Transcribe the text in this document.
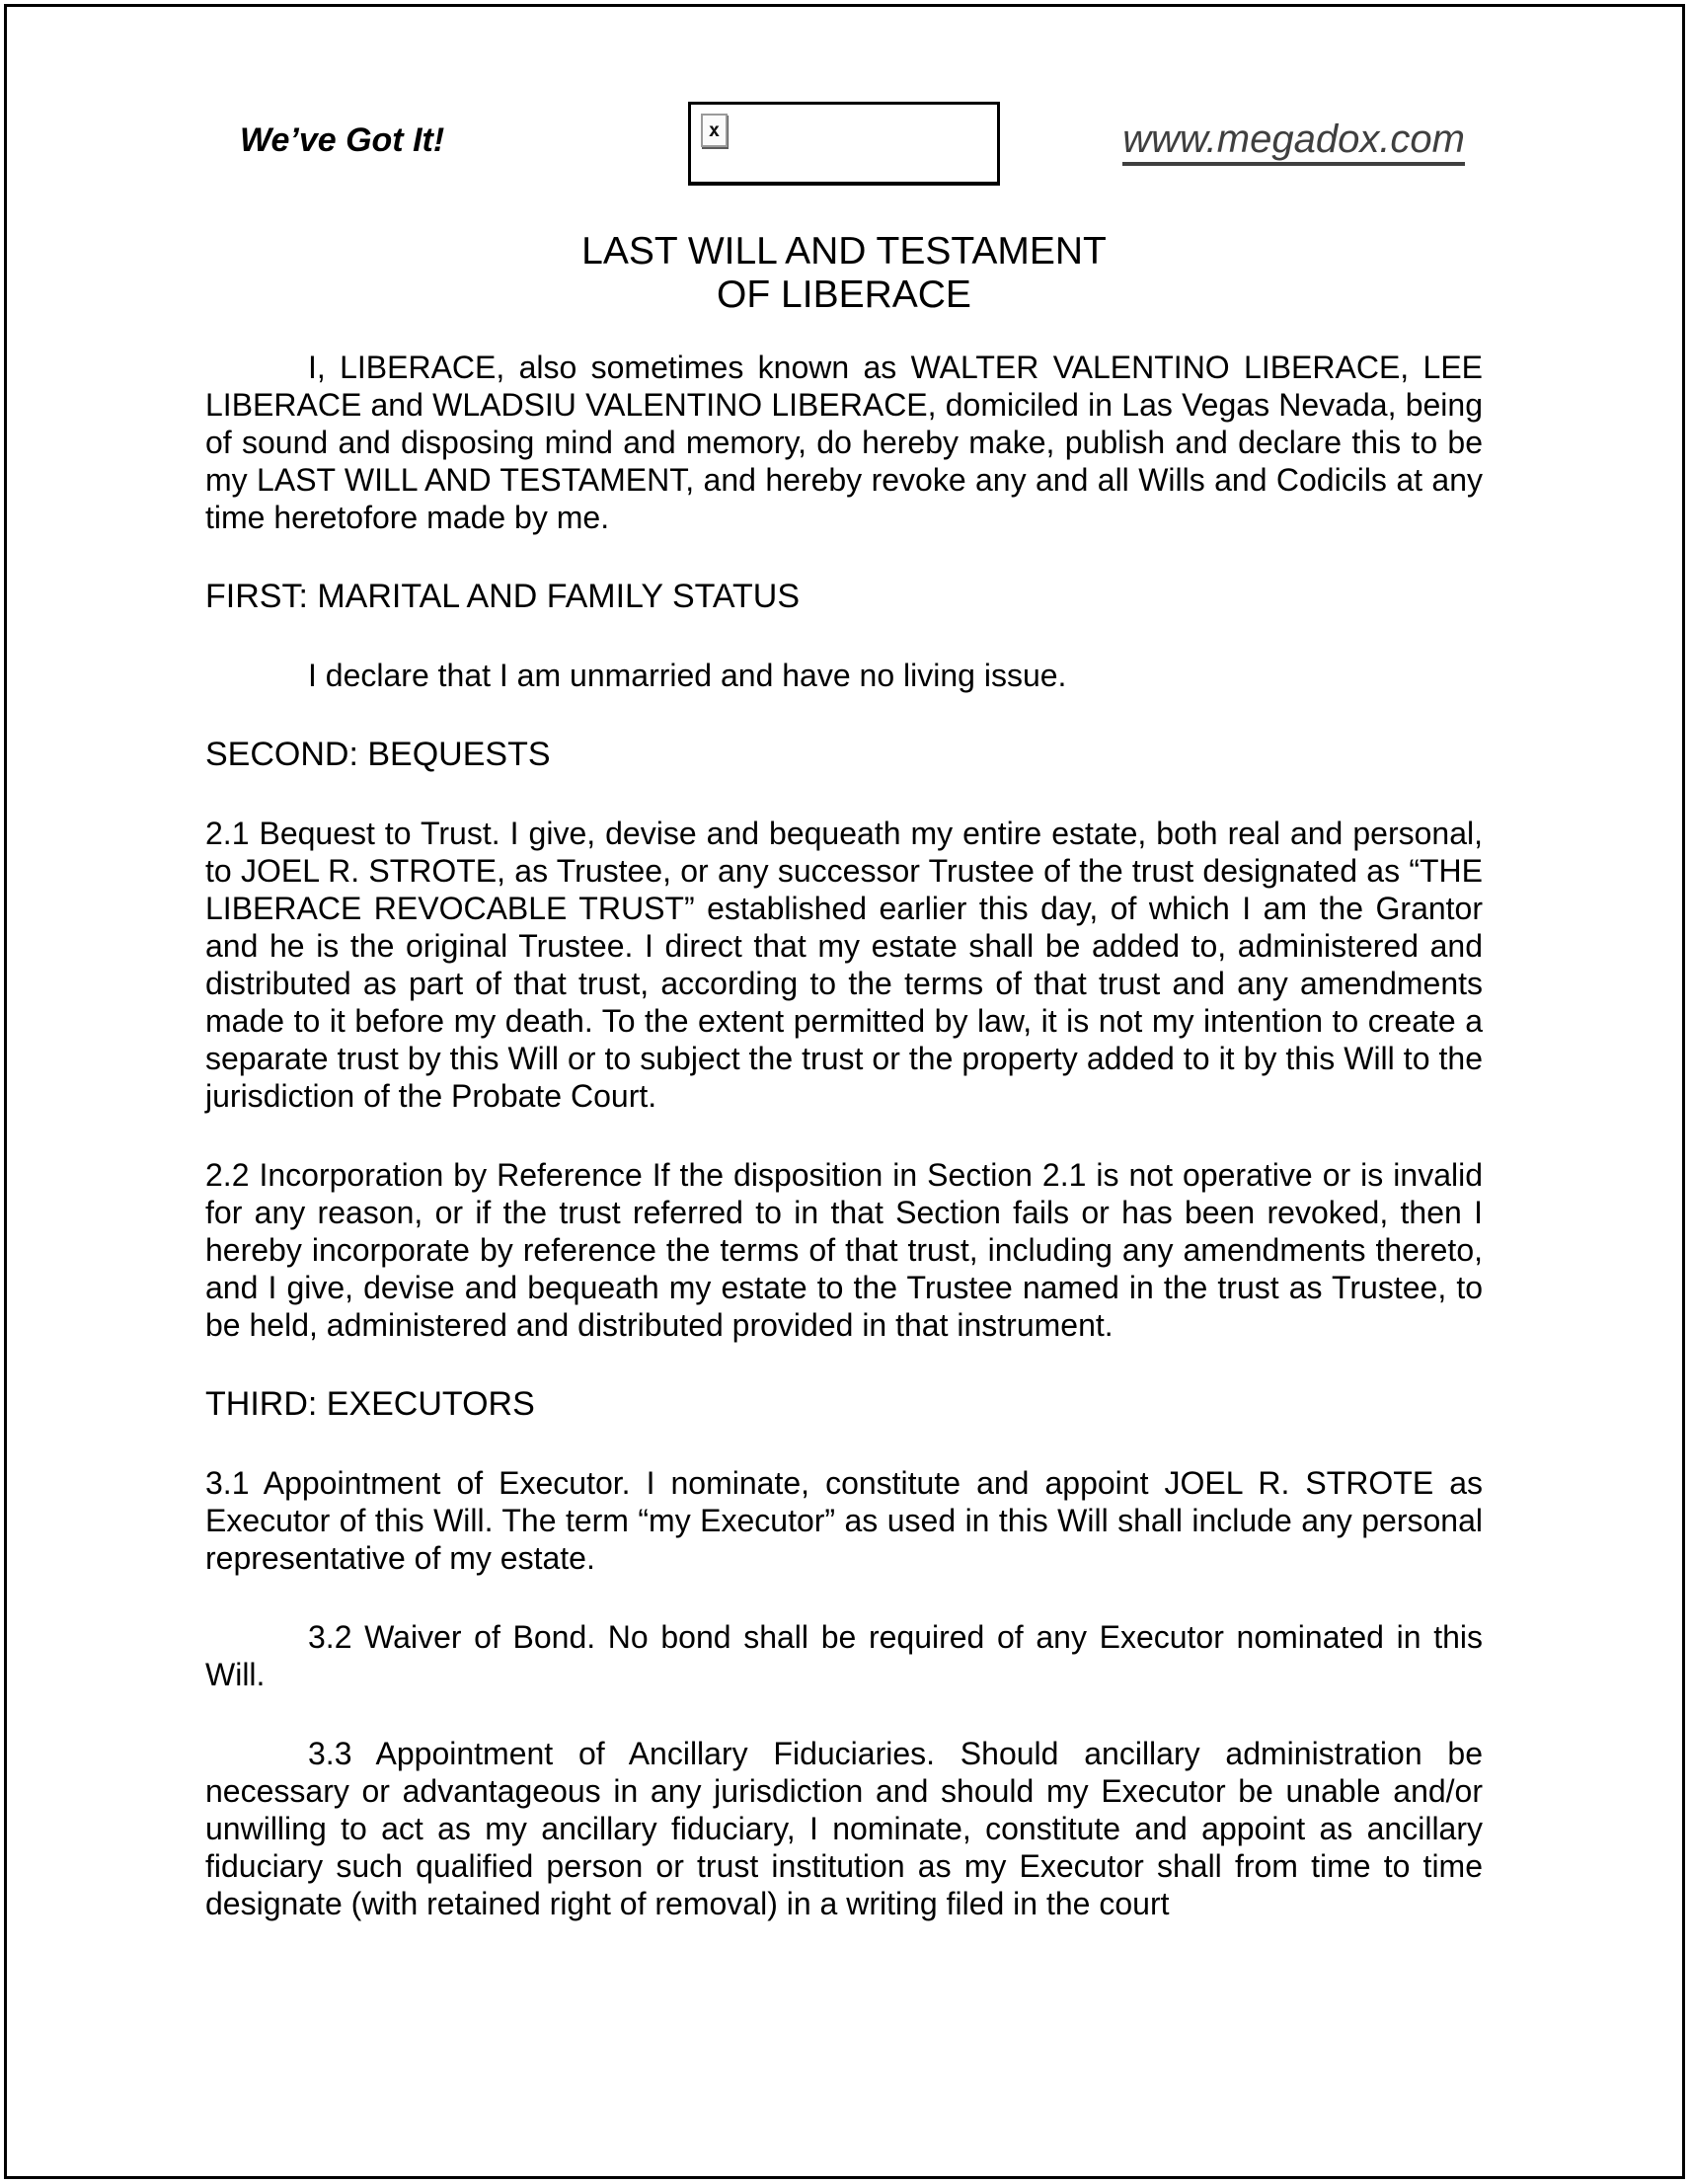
We’ve Got It!	x	www.megadox.com
LAST WILL AND TESTAMENT
OF LIBERACE

I, LIBERACE, also sometimes known as WALTER VALENTINO LIBERACE, LEE LIBERACE and WLADSIU VALENTINO LIBERACE, domiciled in Las Vegas Nevada, being of sound and disposing mind and memory, do hereby make, publish and declare this to be my LAST WILL AND TESTAMENT, and hereby revoke any and all Wills and Codicils at any time heretofore made by me.

FIRST: MARITAL AND FAMILY STATUS

I declare that I am unmarried and have no living issue.

SECOND: BEQUESTS

2.1 Bequest to Trust. I give, devise and bequeath my entire estate, both real and personal, to JOEL R. STROTE, as Trustee, or any successor Trustee of the trust designated as “THE LIBERACE REVOCABLE TRUST” established earlier this day, of which I am the Grantor and he is the original Trustee. I direct that my estate shall be added to, administered and distributed as part of that trust, according to the terms of that trust and any amendments made to it before my death. To the extent permitted by law, it is not my intention to create a separate trust by this Will or to subject the trust or the property added to it by this Will to the jurisdiction of the Probate Court.

2.2 Incorporation by Reference If the disposition in Section 2.1 is not operative or is invalid for any reason, or if the trust referred to in that Section fails or has been revoked, then I hereby incorporate by reference the terms of that trust, including any amendments thereto, and I give, devise and bequeath my estate to the Trustee named in the trust as Trustee, to be held, administered and distributed provided in that instrument.

THIRD: EXECUTORS

3.1 Appointment of Executor. I nominate, constitute and appoint JOEL R. STROTE as Executor of this Will. The term “my Executor” as used in this Will shall include any personal representative of my estate.

3.2 Waiver of Bond. No bond shall be required of any Executor nominated in this Will.

3.3 Appointment of Ancillary Fiduciaries. Should ancillary administration be necessary or advantageous in any jurisdiction and should my Executor be unable and/or unwilling to act as my ancillary fiduciary, I nominate, constitute and appoint as ancillary fiduciary such qualified person or trust institution as my Executor shall from time to time designate (with retained right of removal) in a writing filed in the court
